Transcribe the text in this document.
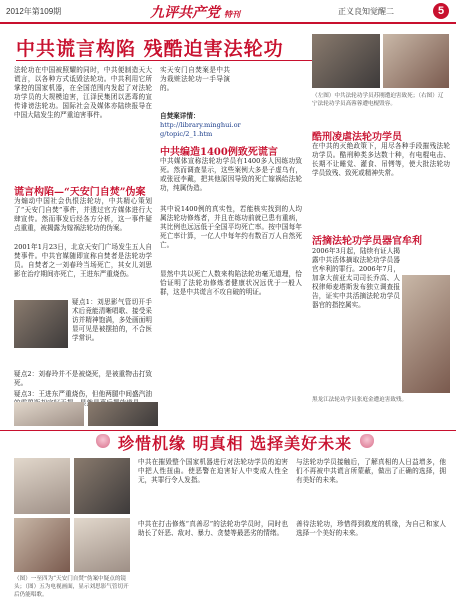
2012年第109期	九评共产党 特刊	正义良知觉醒二	5
中共谎言构陷 残酷迫害法轮功
法轮功在中国被照耀的同时，中共便制造天大谎言，以各种方式诋毁法轮功。中共利用它所掌控的国家机器，在全国范围内发起了对法轮功学员的大规模迫害，江泽民集团以恶毒的宣传诽谤法轮功。国际社会及媒体亦陆续报导在中国大陆发生的严重迫害事件。
谎言构陷—“天安门自焚”伪案
为煽动中国社会仇恨法轮功，中共精心策划了“天安门自焚”事件，并透过官方媒体进行大肆宣传。然而事发后经各方分析，这一事件疑点重重，被揭露为嫁祸法轮功的伪案。
2001年1月23日，北京天安门广场发生五人自焚事件。中共官媒随即宣称自焚者是法轮功学员。自焚者之一刘春玲当场死亡，其女儿刘思影在治疗期间亦死亡，王进东严重烧伤。
疑点1：刘思影气管切开手术后竟能清晰唱歌、接受采访并精神饱满，多处画面明显可见是被摆拍的，不合医学常识。
疑点2：刘春玲并不是被烧死，是被重物击打致死。
疑点3：王进东严重烧伤，但他两腿中间盛汽油
实天安门自焚案是中共为栽赃法轮功一手导演的。
自焚案详情：
http://library.minghui.org/topic/2_1.htm
中共编造1400例致死谎言
中共媒体宣称法轮功学员有1400多人因练功致死。然而调查显示，这些案例大多是子虚乌有，或张冠李戴，把其他原因导致的死亡嫁祸给法轮功，纯属伪造。
其中说1400例的真实性，若能核实找到的人均属法轮功修炼者，并且在练功前就已患有重病，其比例也远远低于全国平均死亡率。按中国每年死亡率计算，一亿人中每年约有数百万人自然死亡。
显然中共以死亡人数来构陷法轮功毫无道理，恰恰证明了法轮功修炼者健康状况远优于一般人群，这是中共谎言不攻自破的明证。
（左图）中共法轮功学员苏刚遭迫害致死；（右图）辽宁法轮功学员高蓉蓉遭电棍毁容。
酷刑凌虐法轮功学员
在中共的灭绝政策下，用尽各种手段摧残法轮功学员。酷刑种类多达数十种，有电棍电击、长期不让睡觉、灌食、吊铐等，使大批法轮功学员致残、致死或精神失常。
活摘法轮功学员器官牟利
2006年3月起，陆续有证人揭露中共活体摘取法轮功学员器官牟利的罪行。2006年7月，加拿大前亚太司司长乔高、人权律师麦塔斯发布独立调查报告，证实中共活摘法轮功学员器官的指控属实。
黑龙江法轮功学员张庭金遭迫害致残。
珍惜机缘 明真相 选择美好未来
（图）一至四为“天安门自焚”伪案中疑点的镜头；（图）五为电视画面，显示刘思影气管切开后仍能唱歌。
中共在摧毁整个国家机器进行对法轮功学员的迫害中把人性扭曲。使恶警在迫害好人中变成人性全无，其罪行令人发指。
中共在打击修炼“真善忍”的法轮功学员时，同时也助长了奸恶、敌对、暴力、贪婪等最恶劣的情绪。
与法轮功学员接触后，了解真相的人日益增多，他们不再被中共谎言所蒙蔽，做出了正确的选择，拥有美好的未来。
善待法轮功，珍惜得到救度的机缘，为自己和家人选择一个美好的未来。
